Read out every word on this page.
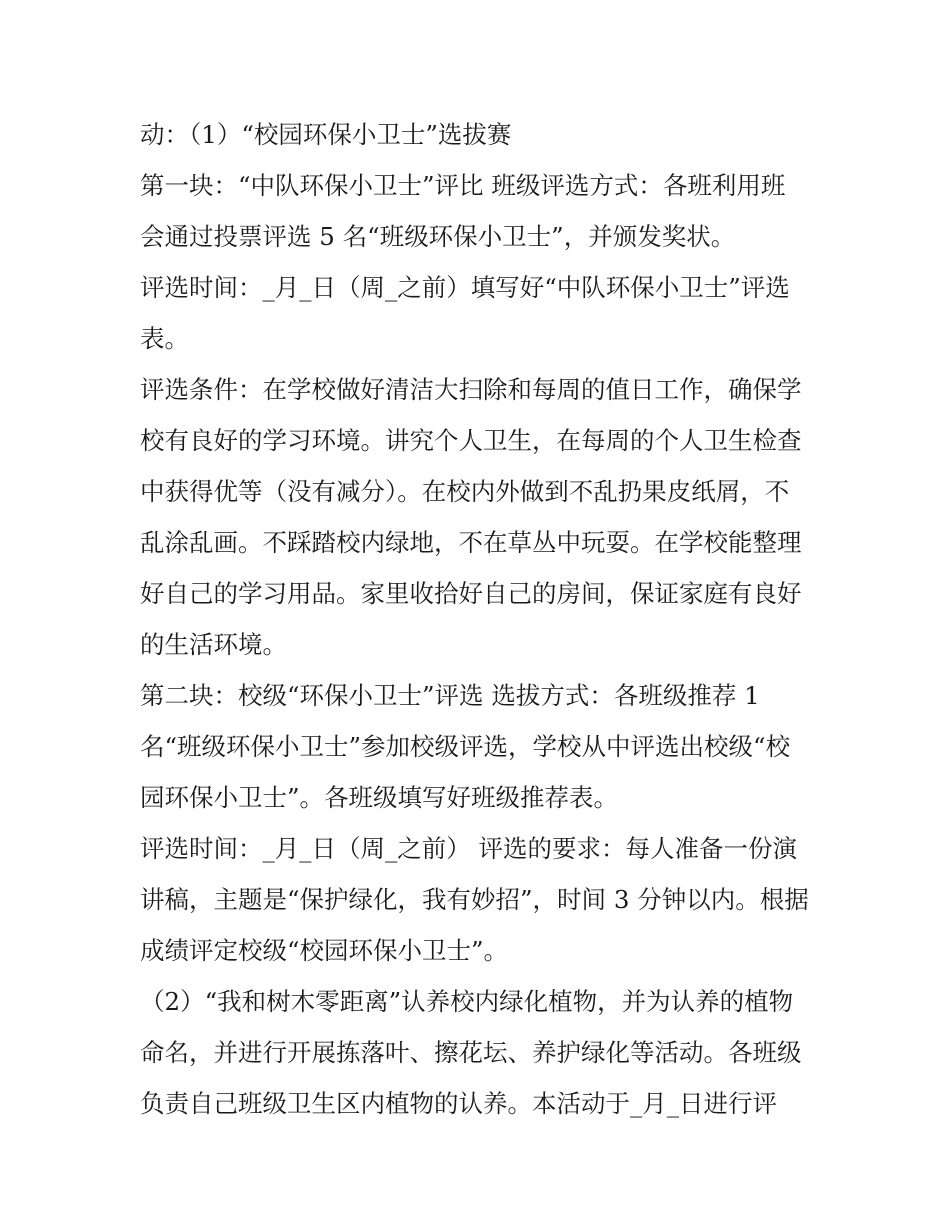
动：（1）“校园环保小卫士”选拔赛
第一块：“中队环保小卫士”评比 班级评选方式：各班利用班
会通过投票评选 5 名“班级环保小卫士”，并颁发奖状。
评选时间：_月_日（周_之前）填写好“中队环保小卫士”评选
表。
评选条件：在学校做好清洁大扫除和每周的值日工作，确保学
校有良好的学习环境。讲究个人卫生，在每周的个人卫生检查
中获得优等（没有减分）。在校内外做到不乱扔果皮纸屑，不
乱涂乱画。不踩踏校内绿地，不在草丛中玩耍。在学校能整理
好自己的学习用品。家里收拾好自己的房间，保证家庭有良好
的生活环境。
第二块：校级“环保小卫士”评选 选拔方式：各班级推荐 1
名“班级环保小卫士”参加校级评选，学校从中评选出校级“校
园环保小卫士”。各班级填写好班级推荐表。
评选时间：_月_日（周_之前） 评选的要求：每人准备一份演
讲稿，主题是“保护绿化，我有妙招”，时间 3 分钟以内。根据
成绩评定校级“校园环保小卫士”。
（2）“我和树木零距离”认养校内绿化植物，并为认养的植物
命名，并进行开展拣落叶、擦花坛、养护绿化等活动。各班级
负责自己班级卫生区内植物的认养。本活动于_月_日进行评
